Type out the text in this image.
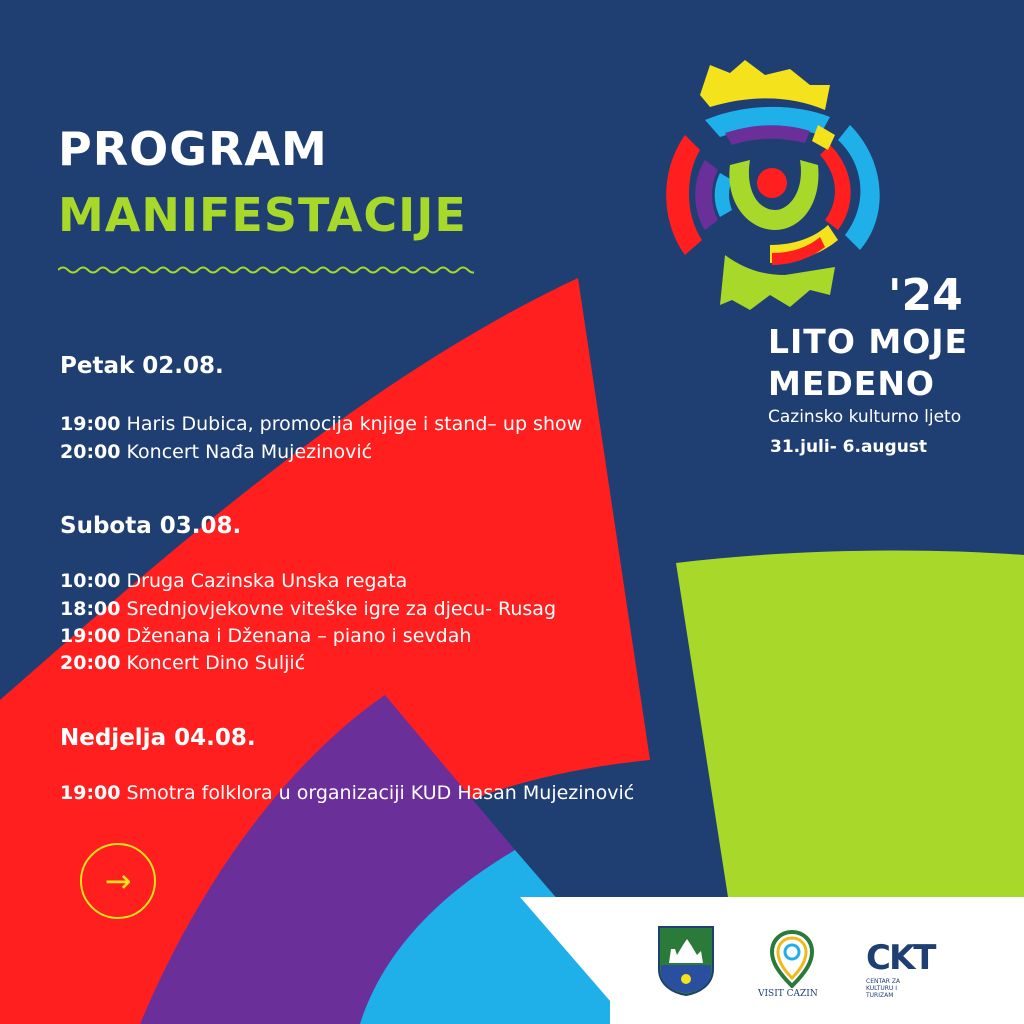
PROGRAM
MANIFESTACIJE

Petak 02.08.

19:00 Haris Dubica, promocija knjige i stand– up show

20:00 Koncert Nađa Mujezinović

Subota 03.08.

10:00 Druga Cazinska Unska regata

18:00 Srednjovjekovne viteške igre za djecu- Rusag

19:00 Dženana i Dženana – piano i sevdah

20:00 Koncert Dino Suljić

Nedjelja 04.08.

19:00 Smotra folklora u organizaciji KUD Hasan Mujezinović

→

'24

LITO MOJE

MEDENO

Cazinsko kulturno ljeto

31.juli- 6.august

VISIT CAZIN
CKT
CENTAR ZA KULTURU I TURIZAM
